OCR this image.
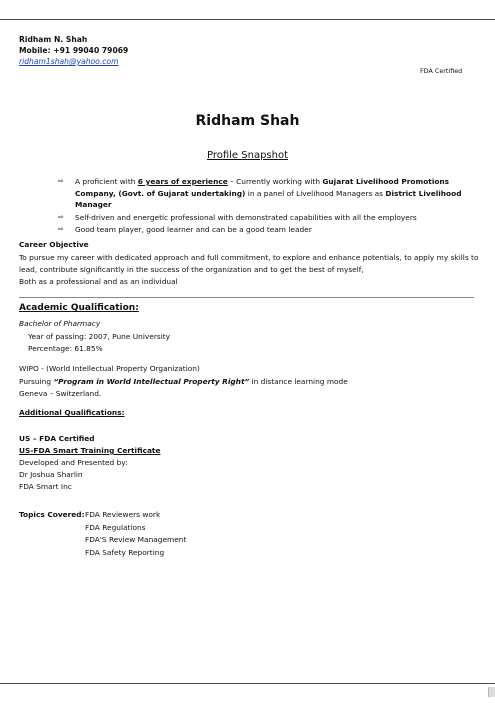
Ridham N. Shah
Mobile: +91 99040 79069
ridham1shah@yahoo.com
FDA Certified
Ridham Shah
Profile Snapshot
⇨ A proficient with 6 years of experience – Currently working with Gujarat Livelihood Promotions Company, (Govt. of Gujarat undertaking) in a panel of Livelihood Managers as District Livelihood Manager
⇨ Self-driven and energetic professional with demonstrated capabilities with all the employers
⇨ Good team player, good learner and can be a good team leader
Career Objective
To pursue my career with dedicated approach and full commitment, to explore and enhance potentials, to apply my skills to
lead, contribute significantly in the success of the organization and to get the best of myself,
Both as a professional and as an individual
Academic Qualification:
Bachelor of Pharmacy
Year of passing: 2007, Pune University
Percentage: 61.85%
WIPO - (World Intellectual Property Organization)
Pursuing “Program in World Intellectual Property Right” in distance learning mode
Geneva – Switzerland.
Additional Qualifications:
US – FDA Certified
US-FDA Smart Training Certificate
Developed and Presented by:
Dr Joshua Sharlin
FDA Smart Inc
Topics Covered: FDA Reviewers work
FDA Regulations
FDA'S Review Management
FDA Safety Reporting
